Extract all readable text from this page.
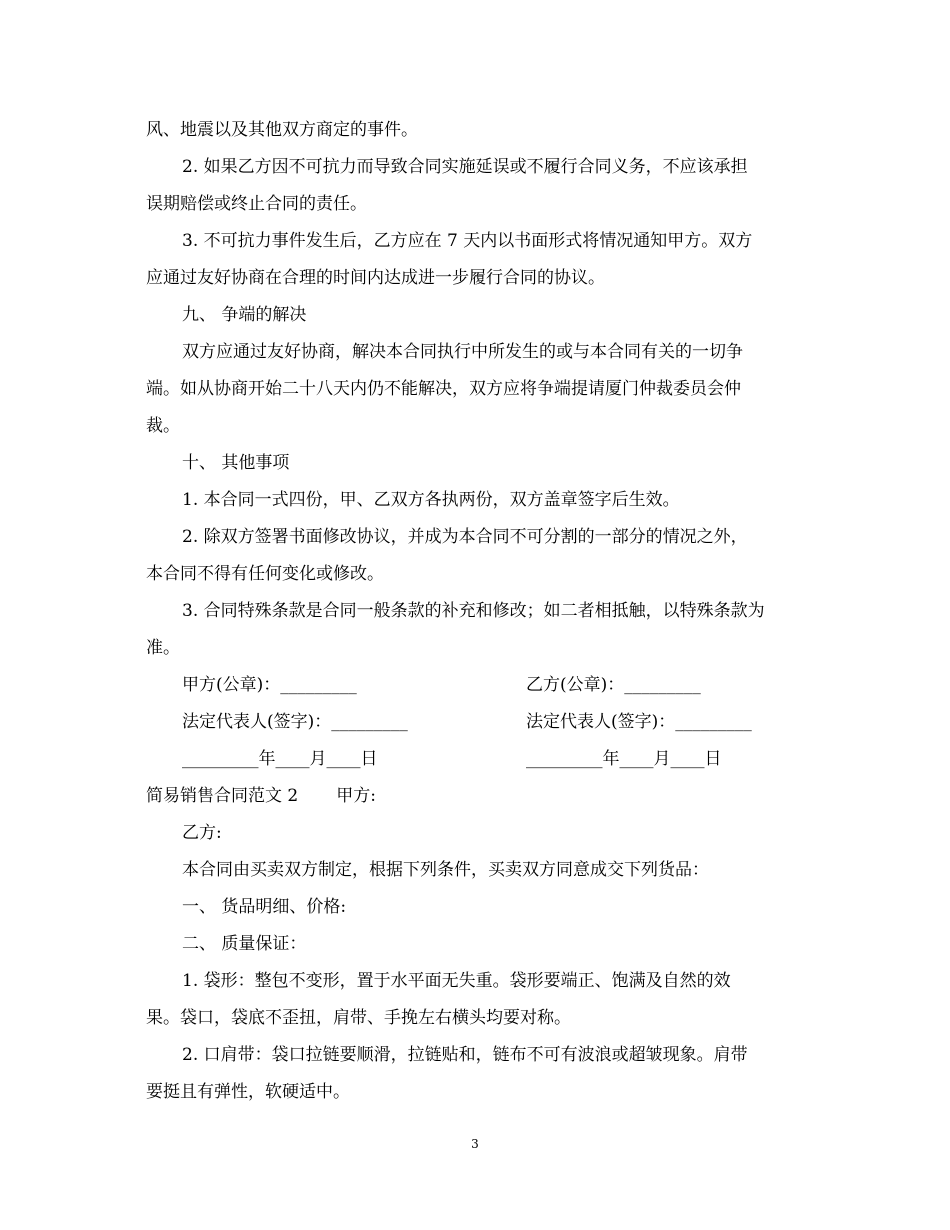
风、地震以及其他双方商定的事件。
2. 如果乙方因不可抗力而导致合同实施延误或不履行合同义务，不应该承担
误期赔偿或终止合同的责任。
3. 不可抗力事件发生后，乙方应在 7 天内以书面形式将情况通知甲方。双方
应通过友好协商在合理的时间内达成进一步履行合同的协议。
九、 争端的解决
双方应通过友好协商，解决本合同执行中所发生的或与本合同有关的一切争
端。如从协商开始二十八天内仍不能解决，双方应将争端提请厦门仲裁委员会仲
裁。
十、 其他事项
1. 本合同一式四份，甲、乙双方各执两份，双方盖章签字后生效。
2. 除双方签署书面修改协议，并成为本合同不可分割的一部分的情况之外，
本合同不得有任何变化或修改。
3. 合同特殊条款是合同一般条款的补充和修改；如二者相抵触，以特殊条款为
准。
甲方(公章)：_________	乙方(公章)：_________
法定代表人(签字)：_________	法定代表人(签字)：_________
_________年____月____日	_________年____月____日
简易销售合同范文 2 甲方:
乙方:
本合同由买卖双方制定，根据下列条件，买卖双方同意成交下列货品：
一、 货品明细、价格:
二、 质量保证：
1. 袋形：整包不变形，置于水平面无失重。袋形要端正、饱满及自然的效
果。袋口，袋底不歪扭，肩带、手挽左右横头均要对称。
2. 口肩带：袋口拉链要顺滑，拉链贴和，链布不可有波浪或超皱现象。肩带
要挺且有弹性，软硬适中。
3
